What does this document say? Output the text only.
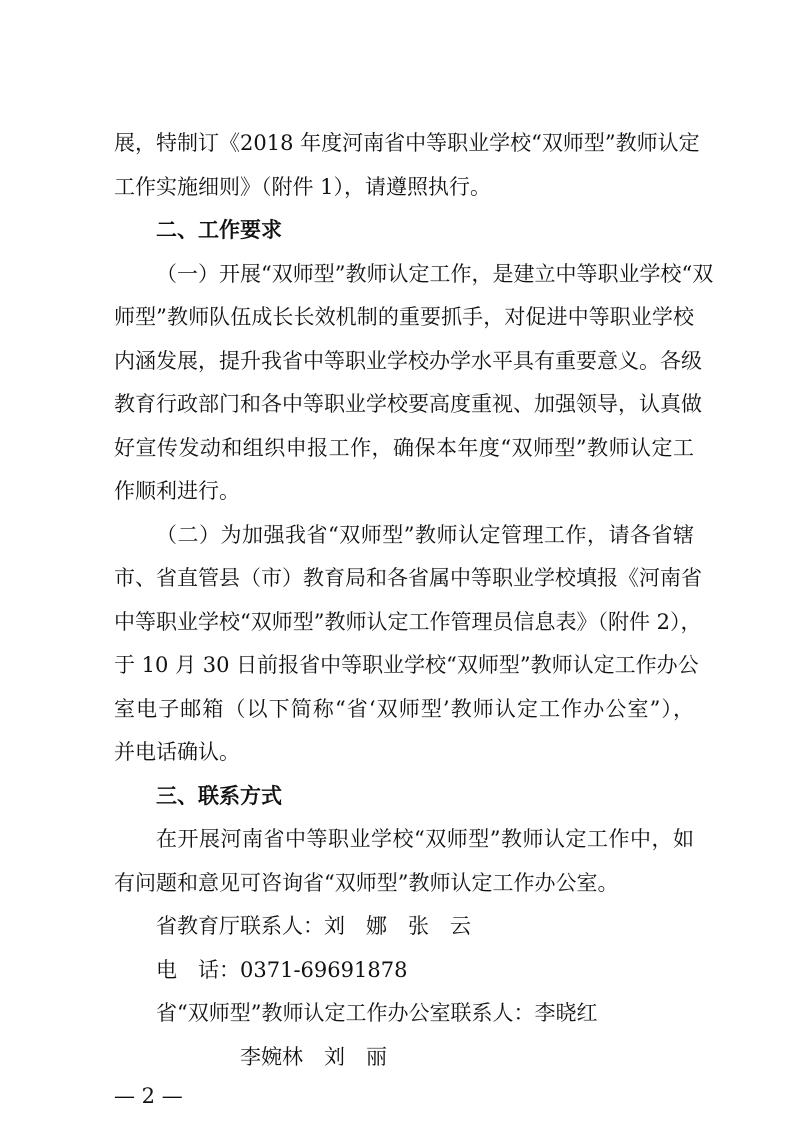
展，特制订《2018 年度河南省中等职业学校“双师型”教师认定
工作实施细则》（附件 1），请遵照执行。
二、工作要求
（一）开展“双师型”教师认定工作，是建立中等职业学校“双
师型”教师队伍成长长效机制的重要抓手，对促进中等职业学校
内涵发展，提升我省中等职业学校办学水平具有重要意义。各级
教育行政部门和各中等职业学校要高度重视、加强领导，认真做
好宣传发动和组织申报工作，确保本年度“双师型”教师认定工
作顺利进行。
（二）为加强我省“双师型”教师认定管理工作，请各省辖
市、省直管县（市）教育局和各省属中等职业学校填报《河南省
中等职业学校“双师型”教师认定工作管理员信息表》（附件 2），
于 10 月 30 日前报省中等职业学校“双师型”教师认定工作办公
室电子邮箱（以下简称“省‘双师型’教师认定工作办公室”），
并电话确认。
三、联系方式
在开展河南省中等职业学校“双师型”教师认定工作中，如
有问题和意见可咨询省“双师型”教师认定工作办公室。
省教育厅联系人：刘　娜　张　云
电　话：0371-69691878
省“双师型”教师认定工作办公室联系人：李晓红
李婉林　刘　丽
— 2 —
